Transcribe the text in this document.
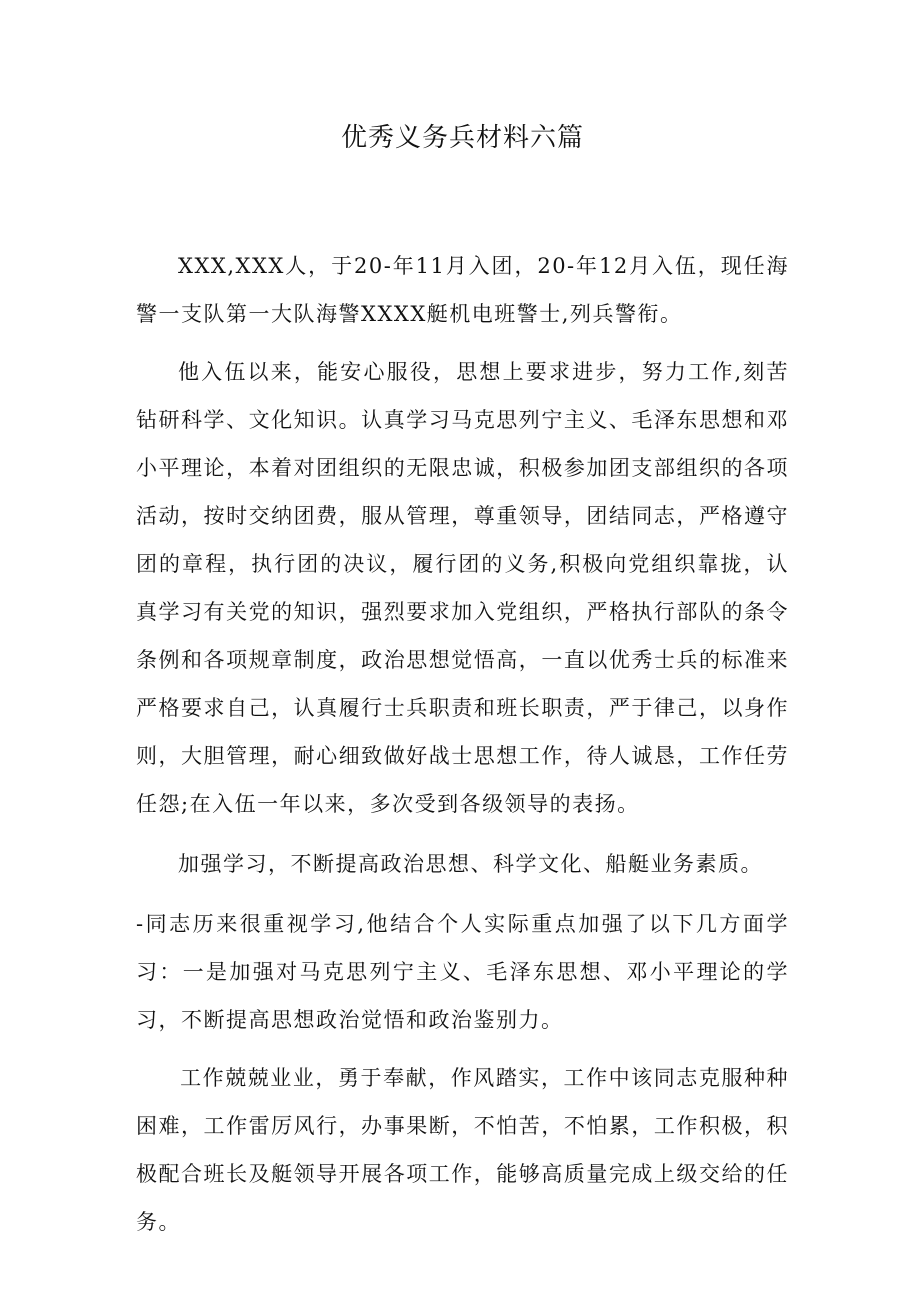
优秀义务兵材料六篇

XXX,XXX人，于20-年11月入团，20-年12月入伍，现任海警一支队第一大队海警XXXX艇机电班警士,列兵警衔。

他入伍以来，能安心服役，思想上要求进步，努力工作,刻苦钻研科学、文化知识。认真学习马克思列宁主义、毛泽东思想和邓小平理论，本着对团组织的无限忠诚，积极参加团支部组织的各项活动，按时交纳团费，服从管理，尊重领导，团结同志，严格遵守团的章程，执行团的决议，履行团的义务,积极向党组织靠拢，认真学习有关党的知识，强烈要求加入党组织，严格执行部队的条令条例和各项规章制度，政治思想觉悟高，一直以优秀士兵的标准来严格要求自己，认真履行士兵职责和班长职责，严于律己，以身作则，大胆管理，耐心细致做好战士思想工作，待人诚恳，工作任劳任怨;在入伍一年以来，多次受到各级领导的表扬。

加强学习，不断提高政治思想、科学文化、船艇业务素质。

-同志历来很重视学习,他结合个人实际重点加强了以下几方面学习：一是加强对马克思列宁主义、毛泽东思想、邓小平理论的学习，不断提高思想政治觉悟和政治鉴别力。

工作兢兢业业，勇于奉献，作风踏实，工作中该同志克服种种困难，工作雷厉风行，办事果断，不怕苦，不怕累，工作积极，积极配合班长及艇领导开展各项工作，能够高质量完成上级交给的任务。
